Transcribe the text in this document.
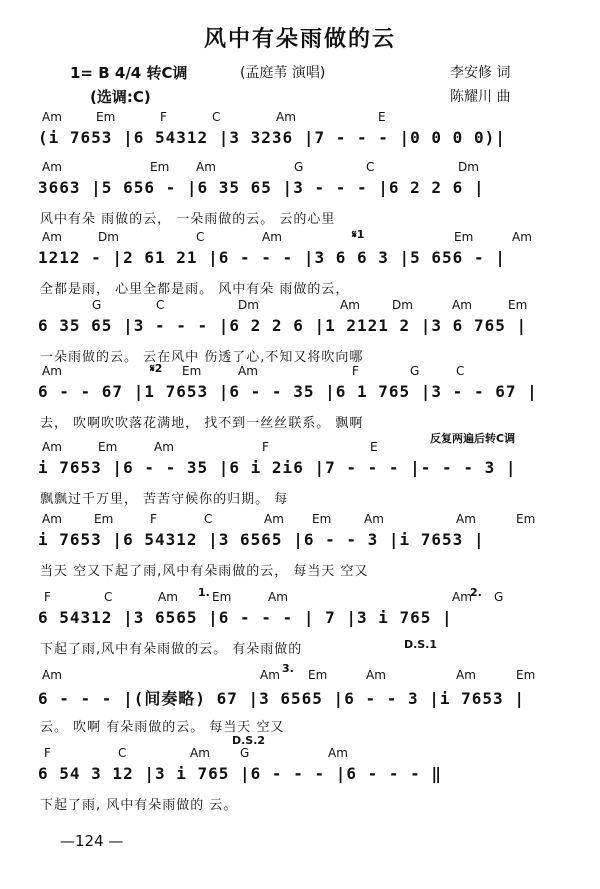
风中有朵雨做的云
1= B 4/4 转C调
(选调:C)
(孟庭苇 演唱)	李安修 词
陈耀川 曲
Am	Em	F	C	Am	E
(i 7653 |6 54312 |3 3236 |7 - - - |0 0 0 0)|
Am	Em Am	G	C	Dm
3663 |5 656 - |6 35 65 |3 - - - |6 2 2 6 |
风中有朵 雨做的云， 一朵雨做的云。 云的心里
Am	Dm	C	Am	Em	Am
𝄋1
1212 - |2 61 21 |6 - - - |3 6 6 3 |5 656 - |
全都是雨， 心里全都是雨。 风中有朵 雨做的云，
G	C	Dm	Am	Dm	Am	Em
6 35 65 |3 - - - |6 2 2 6 |1 2121 2 |3 6 765 |
一朵雨做的云。 云在风中 伤透了心,不知又将吹向哪
Am	Em	Am	F	G	C
𝄋2
6 - - 67 |1 7653 |6 - - 35 |6 1 765 |3 - - 67 |
去， 吹啊吹吹落花满地， 找不到一丝丝联系。 飘啊
Am	Em	Am	F	E
反复两遍后转C调
i 7653 |6 - - 35 |6 i 2i6 |7 - - - |- - - 3 |
飘飘过千万里， 苦苦守候你的归期。 每
Am	Em	F	C	Am Em	Am	Am	Em
i 7653 |6 54312 |3 6565 |6 - - 3 |i 7653 |
当天 空又下起了雨,风中有朵雨做的云， 每当天 空又
F	C	Am	Em	Am	Am G
1.	2.
D.S.1
6 54312 |3 6565 |6 - - - | 7 |3 i 765 |
下起了雨,风中有朵雨做的云。 有朵雨做的
Am	Am Em	Am	Am	Em
3.
6 - - - |(间奏略) 67 |3 6565 |6 - - 3 |i 7653 |
云。 吹啊 有朵雨做的云。 每当天 空又
F	C	Am	G	Am
D.S.2
6 54 3 12 |3 i 765 |6 - - - |6 - - - ‖
下起了雨, 风中有朵雨做的 云。
—124 —
